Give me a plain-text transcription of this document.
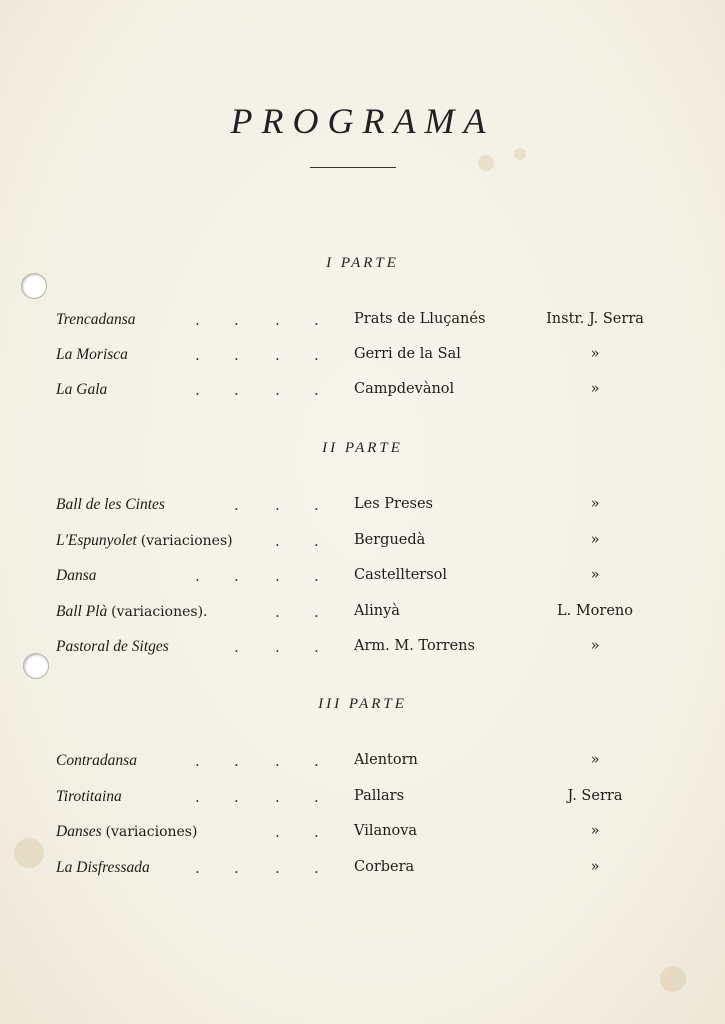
PROGRAMA
I PARTE
Trencadansa	. . . . Prats de Lluçanés	Instr. J. Serra
La Morisca	. . . . Gerri de la Sal	»
La Gala	. . . . Campdevànol	»
II PARTE
Ball de les Cintes	. . . Les Preses	»
L'Espunyolet (variaciones)	. . Berguedà	»
Dansa	. . . . Castelltersol	»
Ball Plà (variaciones).	. . Alinyà	L. Moreno
Pastoral de Sitges	. . . Arm. M. Torrens	»
III PARTE
Contradansa	. . . . Alentorn	»
Tirotitaina	. . . . Pallars	J. Serra
Danses (variaciones)	. . Vilanova	»
La Disfressada	. . . . Corbera	»
